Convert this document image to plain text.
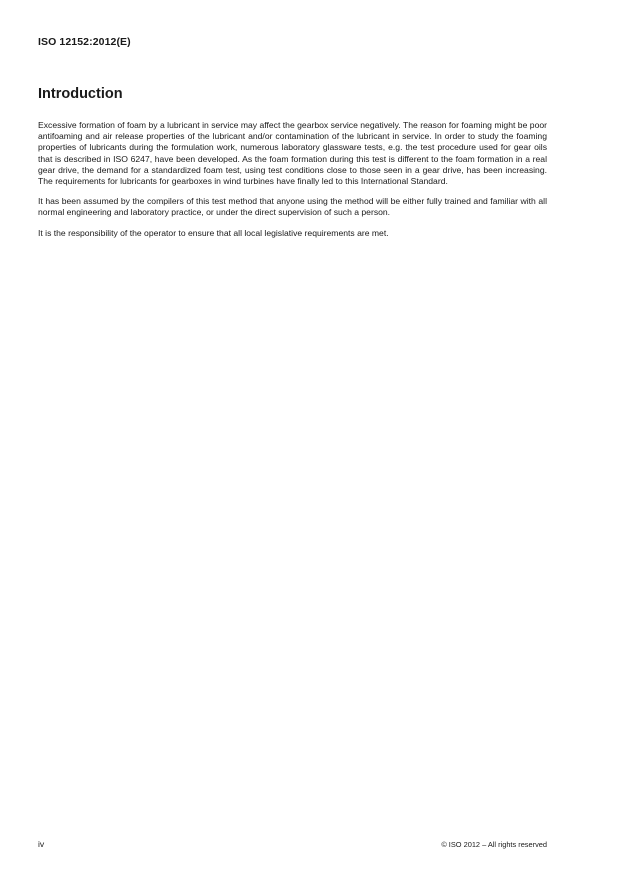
ISO 12152:2012(E)
Introduction

Excessive formation of foam by a lubricant in service may affect the gearbox service negatively. The reason for foaming might be poor antifoaming and air release properties of the lubricant and/or contamination of the lubricant in service. In order to study the foaming properties of lubricants during the formulation work, numerous laboratory glassware tests, e.g. the test procedure used for gear oils that is described in ISO 6247, have been developed. As the foam formation during this test is different to the foam formation in a real gear drive, the demand for a standardized foam test, using test conditions close to those seen in a gear drive, has been increasing. The requirements for lubricants for gearboxes in wind turbines have finally led to this International Standard.

It has been assumed by the compilers of this test method that anyone using the method will be either fully trained and familiar with all normal engineering and laboratory practice, or under the direct supervision of such a person.

It is the responsibility of the operator to ensure that all local legislative requirements are met.

iv	© ISO 2012 – All rights reserved
